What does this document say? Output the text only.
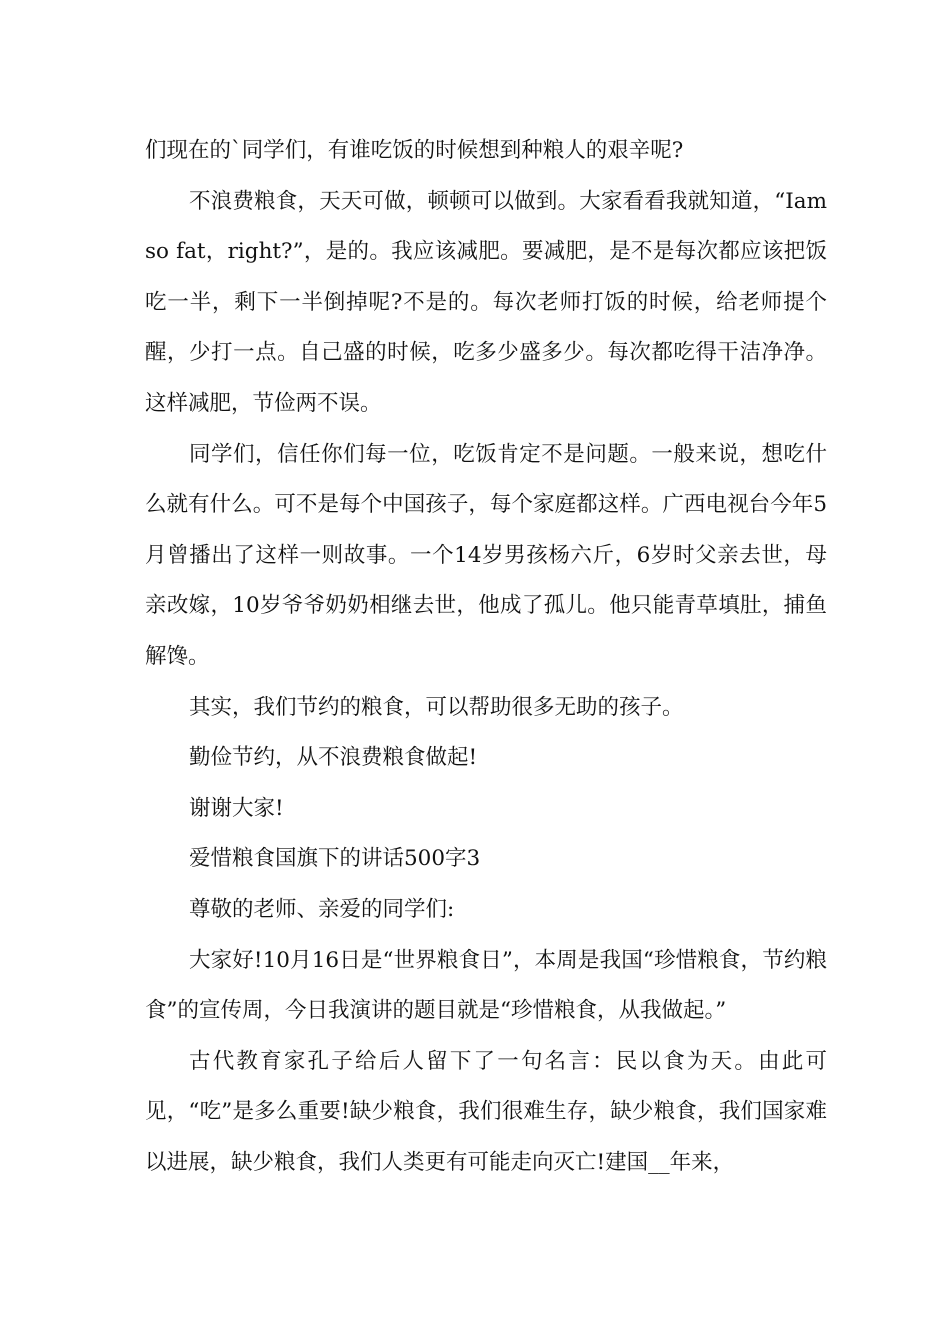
们现在的`同学们，有谁吃饭的时候想到种粮人的艰辛呢?

不浪费粮食，天天可做，顿顿可以做到。大家看看我就知道，“Iam so fat，right?”，是的。我应该减肥。要减肥，是不是每次都应该把饭吃一半，剩下一半倒掉呢?不是的。每次老师打饭的时候，给老师提个醒，少打一点。自己盛的时候，吃多少盛多少。每次都吃得干洁净净。这样减肥，节俭两不误。

同学们，信任你们每一位，吃饭肯定不是问题。一般来说，想吃什么就有什么。可不是每个中国孩子，每个家庭都这样。广西电视台今年5月曾播出了这样一则故事。一个14岁男孩杨六斤，6岁时父亲去世，母亲改嫁，10岁爷爷奶奶相继去世，他成了孤儿。他只能青草填肚，捕鱼解馋。

其实，我们节约的粮食，可以帮助很多无助的孩子。

勤俭节约，从不浪费粮食做起!

谢谢大家!

爱惜粮食国旗下的讲话500字3

尊敬的老师、亲爱的同学们:

大家好!10月16日是“世界粮食日”，本周是我国“珍惜粮食，节约粮食”的宣传周，今日我演讲的题目就是“珍惜粮食，从我做起。”

古代教育家孔子给后人留下了一句名言：民以食为天。由此可见，“吃”是多么重要!缺少粮食，我们很难生存，缺少粮食，我们国家难以进展，缺少粮食，我们人类更有可能走向灭亡!建国__年来，
